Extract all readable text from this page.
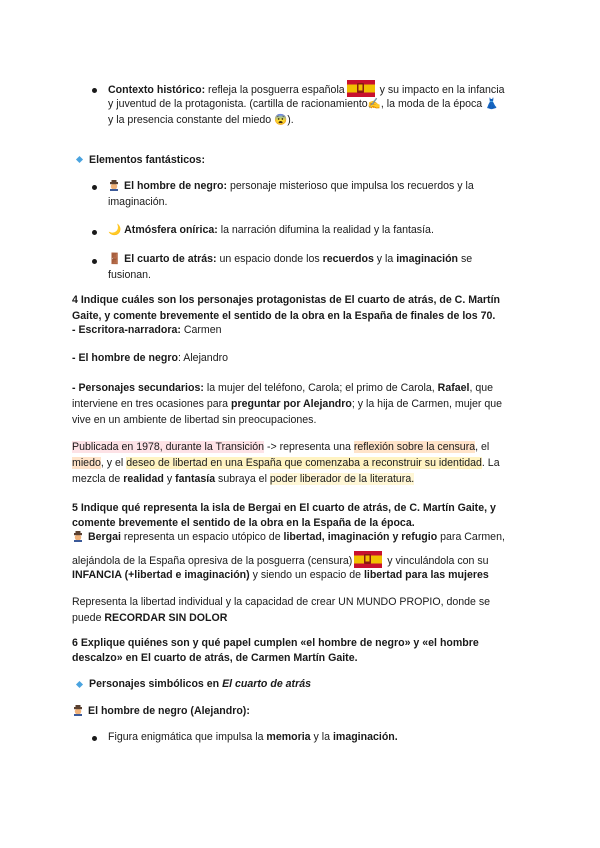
Contexto histórico: refleja la posguerra española	y su impacto en la infancia
y juventud de la protagonista. (cartilla de racionamiento✍, la moda de la época 👗
y la presencia constante del miedo 😨).
Elementos fantásticos:
El hombre de negro: personaje misterioso que impulsa los recuerdos y la
imaginación.
🌙 Atmósfera onírica: la narración difumina la realidad y la fantasía.
🚪 El cuarto de atrás: un espacio donde los recuerdos y la imaginación se
fusionan.
4 Indique cuáles son los personajes protagonistas de El cuarto de atrás, de C. Martín
Gaite, y comente brevemente el sentido de la obra en la España de finales de los 70.
- Escritora-narradora: Carmen
- El hombre de negro: Alejandro
- Personajes secundarios: la mujer del teléfono, Carola; el primo de Carola, Rafael, que
interviene en tres ocasiones para preguntar por Alejandro; y la hija de Carmen, mujer que
vive en un ambiente de libertad sin preocupaciones.
Publicada en 1978, durante la Transición -> representa una reflexión sobre la censura, el
miedo, y el deseo de libertad en una España que comenzaba a reconstruir su identidad. La
mezcla de realidad y fantasía subraya el poder liberador de la literatura.
5 Indique qué representa la isla de Bergai en El cuarto de atrás, de C. Martín Gaite, y
comente brevemente el sentido de la obra en la España de la época.
Bergai representa un espacio utópico de libertad, imaginación y refugio para Carmen,
alejándola de la España opresiva de la posguerra (censura)	y vinculándola con su
INFANCIA (+libertad e imaginación) y siendo un espacio de libertad para las mujeres
Representa la libertad individual y la capacidad de crear UN MUNDO PROPIO, donde se
puede RECORDAR SIN DOLOR
6 Explique quiénes son y qué papel cumplen «el hombre de negro» y «el hombre
descalzo» en El cuarto de atrás, de Carmen Martín Gaite.
Personajes simbólicos en El cuarto de atrás
El hombre de negro (Alejandro):
Figura enigmática que impulsa la memoria y la imaginación.
